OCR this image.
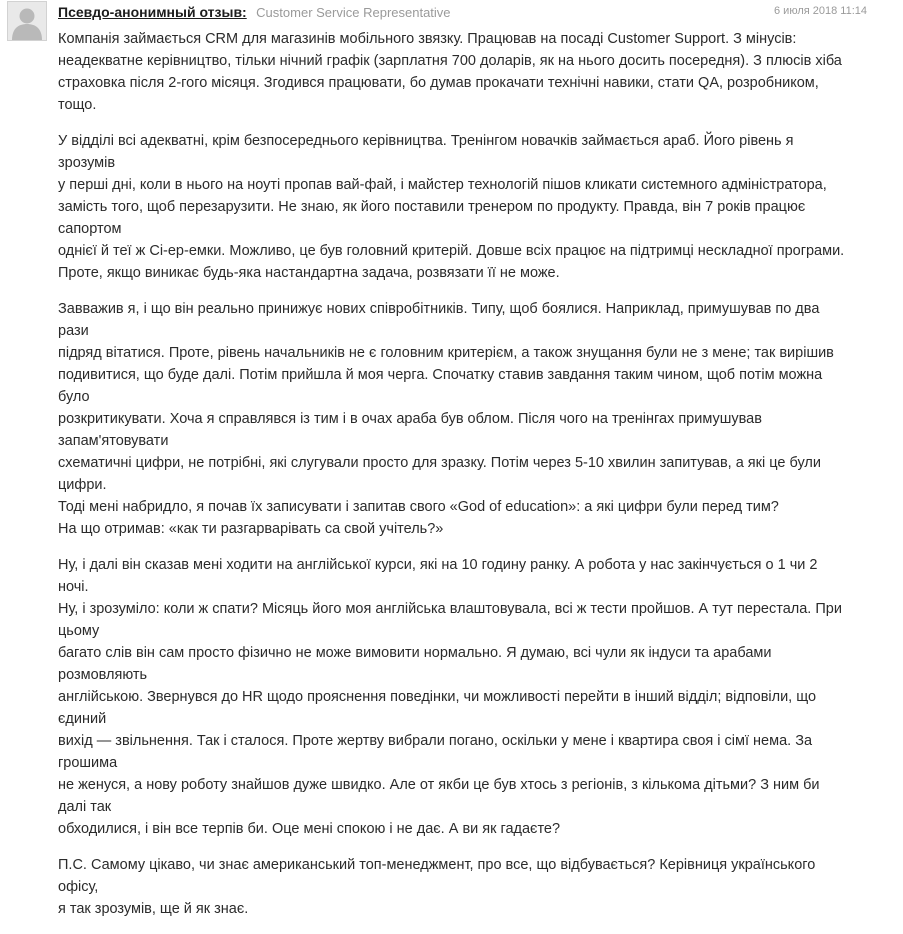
Псевдо-анонимный отзыв: Customer Service Representative	6 июля 2018 11:14

Компанія займається CRM для магазинів мобільного звязку. Працював на посаді Customer Support. З мінусів:
неадекватне керівництво, тільки нічний графік (зарплатня 700 доларів, як на нього досить посередня). З плюсів хіба
страховка після 2-гого місяця. Згодився працювати, бо думав прокачати технічні навики, стати QA, розробником, тощо.

У відділі всі адекватні, крім безпосереднього керівництва. Тренінгом новачків займається араб. Його рівень я зрозумів
у перші дні, коли в нього на ноуті пропав вай-фай, і майстер технологій пішов кликати системного адміністратора,
замість того, щоб перезарузити. Не знаю, як його поставили тренером по продукту. Правда, він 7 років працює сапортом
однієї й теї ж Сі-ер-емки. Можливо, це був головний критерій. Довше всіх працює на підтримці нескладної програми.
Проте, якщо виникає будь-яка настандартна задача, розвязати її не може.

Завважив я, і що він реально принижує нових співробітників. Типу, щоб боялися. Наприклад, примушував по два рази
підряд вітатися. Проте, рівень начальників не є головним критерієм, а також знущання були не з мене; так вирішив
подивитися, що буде далі. Потім прийшла й моя черга. Спочатку ставив завдання таким чином, щоб потім можна було
розкритикувати. Хоча я справлявся із тим і в очах араба був облом. Після чого на тренінгах примушував запам'ятовувати
схематичні цифри, не потрібні, які слугували просто для зразку. Потім через 5-10 хвилин запитував, а які це були цифри.
Тоді мені набридло, я почав їх записувати і запитав свого «God of education»: а які цифри були перед тим?
На що отримав: «как ти разгарварівать са свой учітель?»

Ну, і далі він сказав мені ходити на англійської курси, які на 10 годину ранку. А робота у нас закінчується о 1 чи 2 ночі.
Ну, і зрозуміло: коли ж спати? Місяць його моя англійська влаштовувала, всі ж тести пройшов. А тут перестала. При цьому
багато слів він сам просто фізично не може вимовити нормально. Я думаю, всі чули як індуси та арабами розмовляють
англійською. Звернувся до HR щодо прояснення поведінки, чи можливості перейти в інший відділ; відповіли, що єдиний
вихід — звільнення. Так і сталося. Проте жертву вибрали погано, оскільки у мене і квартира своя і сімї нема. За грошима
не женуся, а нову роботу знайшов дуже швидко. Але от якби це був хтось з регіонів, з кількома дітьми? З ним би далі так
обходилися, і він все терпів би. Оце мені спокою і не дає. А ви як гадаєте?

П.С. Самому цікаво, чи знає американський топ-менеджмент, про все, що відбувається? Керівниця українського офісу,
я так зрозумів, ще й як знає.
